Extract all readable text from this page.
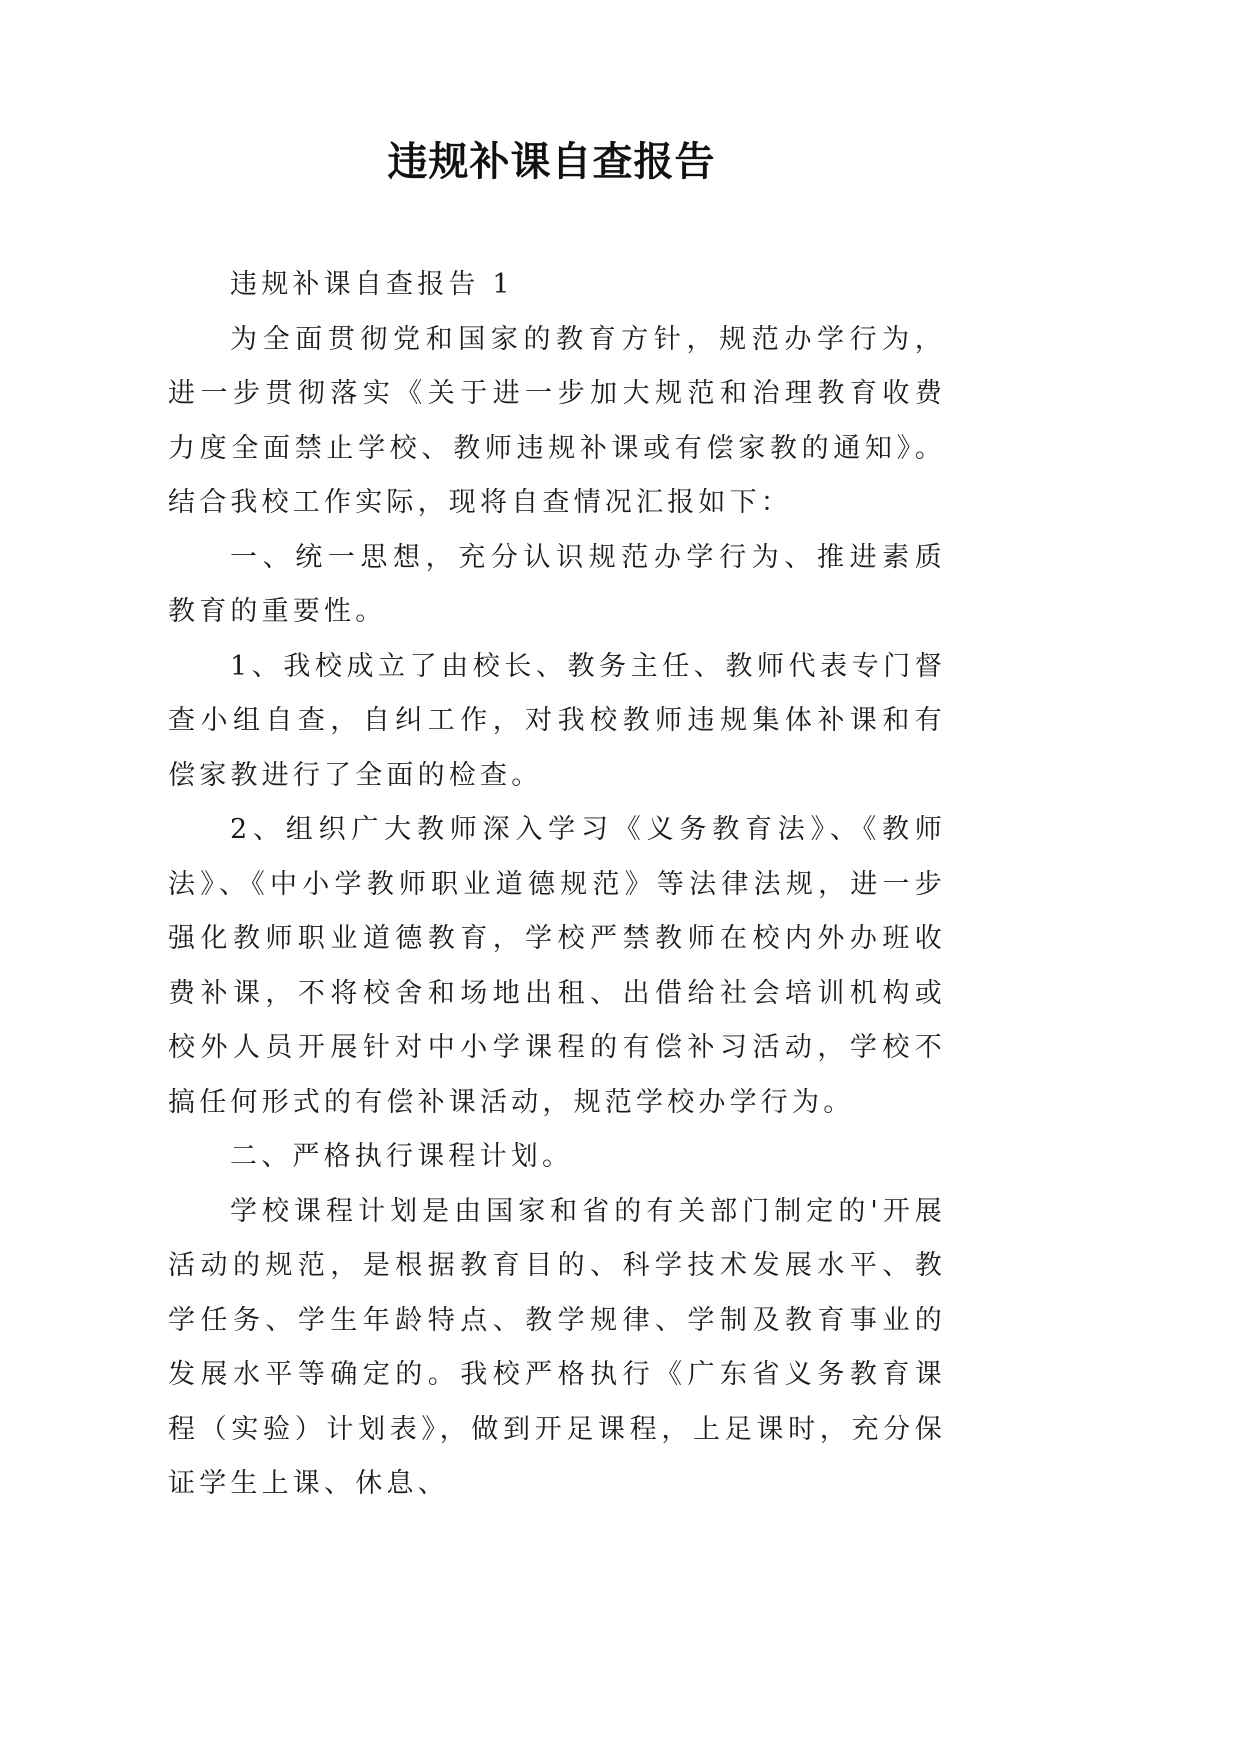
违规补课自查报告

违规补课自查报告 1

为全面贯彻党和国家的教育方针，规范办学行为，进一步贯彻落实《关于进一步加大规范和治理教育收费力度全面禁止学校、教师违规补课或有偿家教的通知》。结合我校工作实际，现将自查情况汇报如下：

一、统一思想，充分认识规范办学行为、推进素质教育的重要性。

1、我校成立了由校长、教务主任、教师代表专门督查小组自查，自纠工作，对我校教师违规集体补课和有偿家教进行了全面的检查。

2、组织广大教师深入学习《义务教育法》、《教师法》、《中小学教师职业道德规范》等法律法规，进一步强化教师职业道德教育，学校严禁教师在校内外办班收费补课，不将校舍和场地出租、出借给社会培训机构或校外人员开展针对中小学课程的有偿补习活动，学校不搞任何形式的有偿补课活动，规范学校办学行为。

二、严格执行课程计划。

学校课程计划是由国家和省的有关部门制定的'开展活动的规范，是根据教育目的、科学技术发展水平、教学任务、学生年龄特点、教学规律、学制及教育事业的发展水平等确定的。我校严格执行《广东省义务教育课程（实验）计划表》，做到开足课程，上足课时，充分保证学生上课、休息、
